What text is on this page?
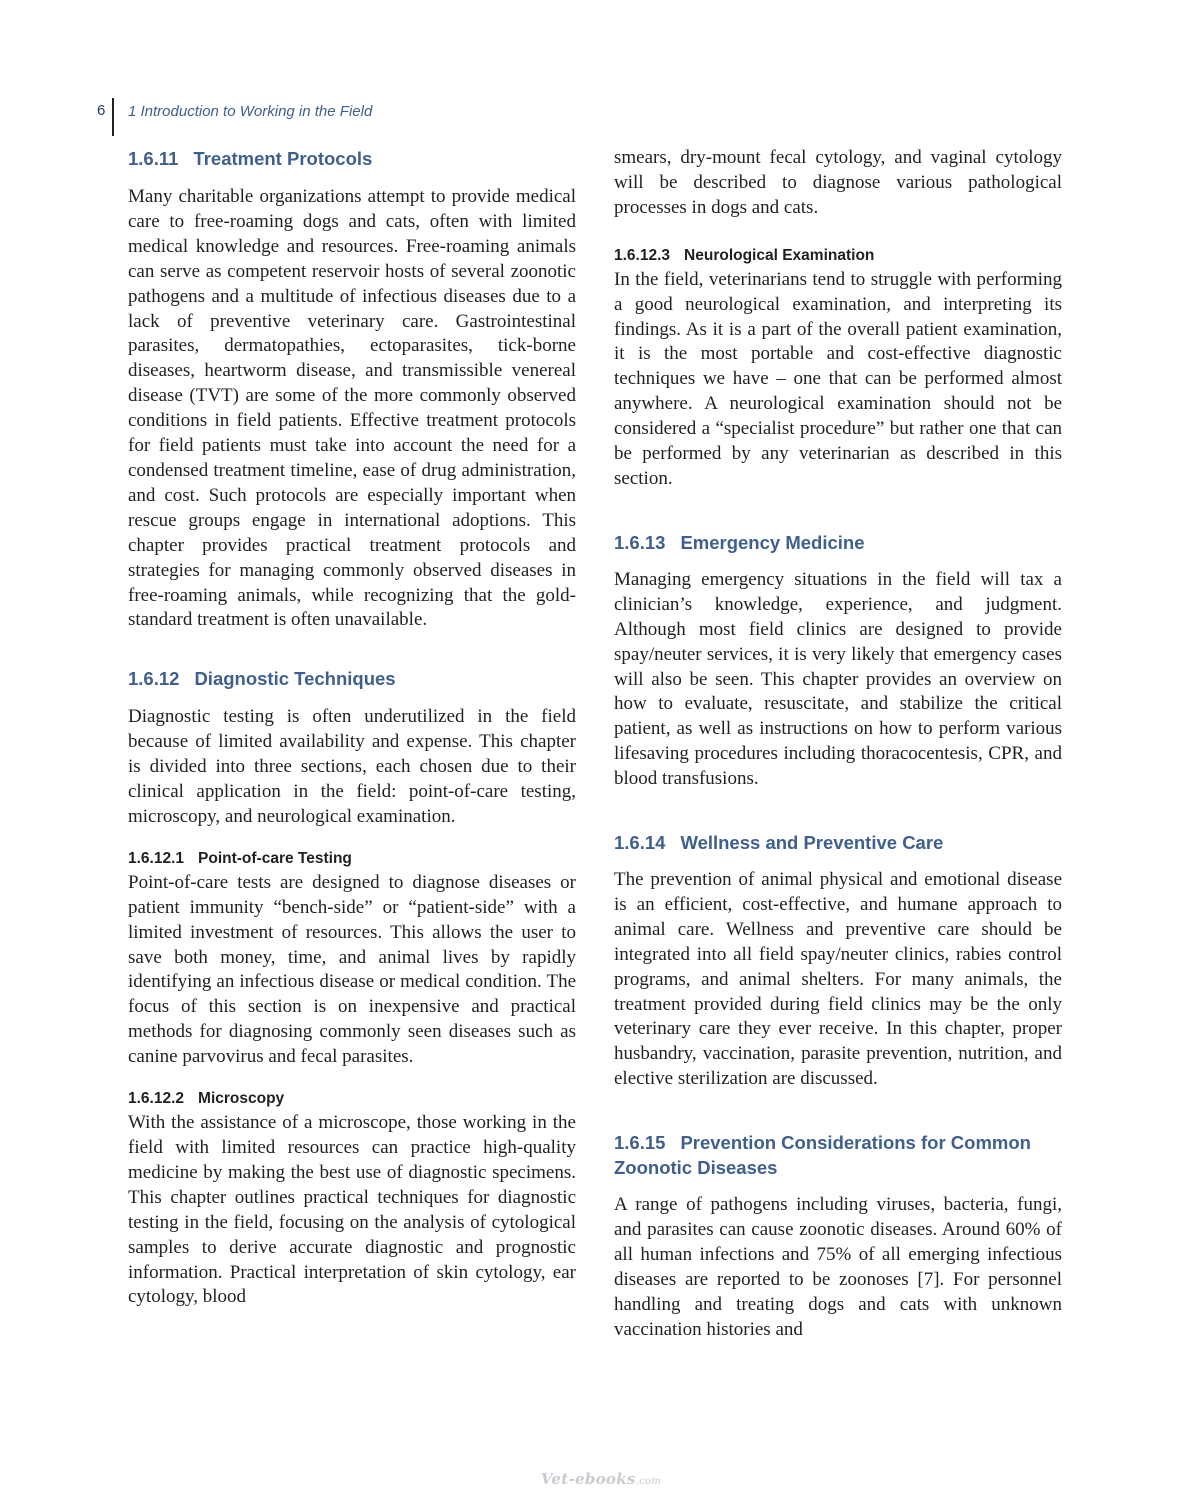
6 1 Introduction to Working in the Field
1.6.11 Treatment Protocols

Many charitable organizations attempt to provide medical care to free-roaming dogs and cats, often with limited medical knowledge and resources. Free-roaming animals can serve as competent reservoir hosts of several zoonotic pathogens and a multitude of infectious diseases due to a lack of preventive veterinary care. Gastrointestinal parasites, dermatopathies, ectoparasites, tick-borne diseases, heartworm disease, and transmissible venereal disease (TVT) are some of the more commonly observed conditions in field patients. Effective treatment protocols for field patients must take into account the need for a condensed treatment timeline, ease of drug administration, and cost. Such protocols are especially important when rescue groups engage in international adoptions. This chapter provides practical treatment protocols and strategies for managing commonly observed diseases in free-roaming animals, while recognizing that the gold-standard treatment is often unavailable.

1.6.12 Diagnostic Techniques

Diagnostic testing is often underutilized in the field because of limited availability and expense. This chapter is divided into three sections, each chosen due to their clinical application in the field: point-of-care testing, microscopy, and neurological examination.

1.6.12.1 Point-of-care Testing

Point-of-care tests are designed to diagnose diseases or patient immunity “bench-side” or “patient-side” with a limited investment of resources. This allows the user to save both money, time, and animal lives by rapidly identifying an infectious disease or medical condition. The focus of this section is on inexpensive and practical methods for diagnosing commonly seen diseases such as canine parvovirus and fecal parasites.

1.6.12.2 Microscopy

With the assistance of a microscope, those working in the field with limited resources can practice high-quality medicine by making the best use of diagnostic specimens. This chapter outlines practical techniques for diagnostic testing in the field, focusing on the analysis of cytological samples to derive accurate diagnostic and prognostic information. Practical interpretation of skin cytology, ear cytology, blood

smears, dry-mount fecal cytology, and vaginal cytology will be described to diagnose various pathological processes in dogs and cats.

1.6.12.3 Neurological Examination

In the field, veterinarians tend to struggle with performing a good neurological examination, and interpreting its findings. As it is a part of the overall patient examination, it is the most portable and cost-effective diagnostic techniques we have – one that can be performed almost anywhere. A neurological examination should not be considered a “specialist procedure” but rather one that can be performed by any veterinarian as described in this section.

1.6.13 Emergency Medicine

Managing emergency situations in the field will tax a clinician’s knowledge, experience, and judgment. Although most field clinics are designed to provide spay/neuter services, it is very likely that emergency cases will also be seen. This chapter provides an overview on how to evaluate, resuscitate, and stabilize the critical patient, as well as instructions on how to perform various lifesaving procedures including thoracocentesis, CPR, and blood transfusions.

1.6.14 Wellness and Preventive Care

The prevention of animal physical and emotional disease is an efficient, cost-effective, and humane approach to animal care. Wellness and preventive care should be integrated into all field spay/neuter clinics, rabies control programs, and animal shelters. For many animals, the treatment provided during field clinics may be the only veterinary care they ever receive. In this chapter, proper husbandry, vaccination, parasite prevention, nutrition, and elective sterilization are discussed.

1.6.15 Prevention Considerations for Common Zoonotic Diseases

A range of pathogens including viruses, bacteria, fungi, and parasites can cause zoonotic diseases. Around 60% of all human infections and 75% of all emerging infectious diseases are reported to be zoonoses [7]. For personnel handling and treating dogs and cats with unknown vaccination histories and

Vet-ebooks.com
